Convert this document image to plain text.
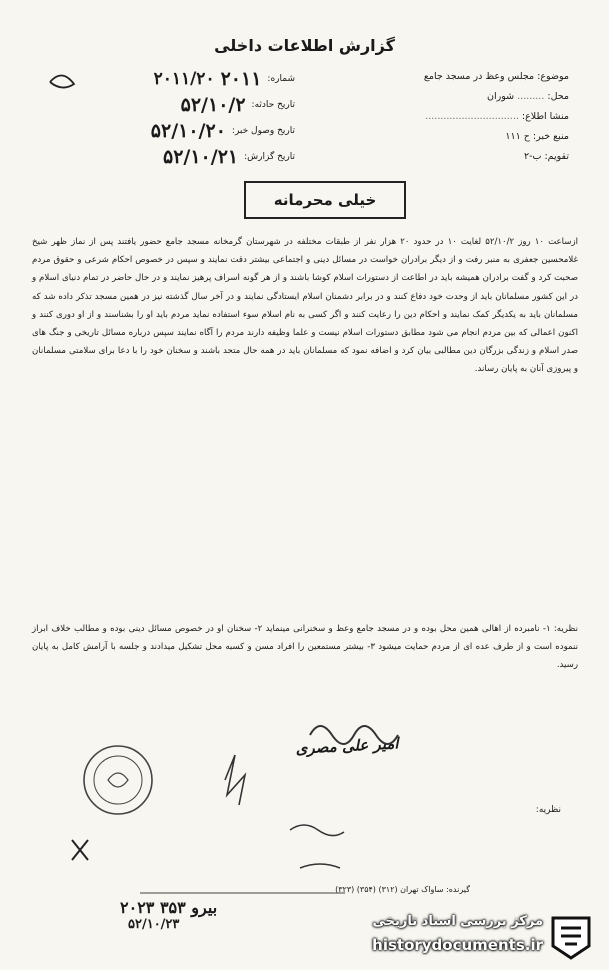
گزارش اطلاعات داخلی
شماره:
۲۰۱۱
۲۰۱۱/۲۰
تاریخ حادثه:
۵۲/۱۰/۲
تاریخ وصول خبر:
۵۲/۱۰/۲۰
تاریخ گزارش:
۵۲/۱۰/۲۱
موضوع: مجلس وعظ در مسجد جامع
محل: ......... شوران
منشأ اطلاع: ...............................
منبع خبر: ح ۱۱۱
تقویم: ب-۲
خیلی محرمانه

ازساعت ۱۰ روز ۵۲/۱۰/۲ لغایت ۱۰ در حدود ۲۰ هزار نفر از طبقات مختلفه در شهرستان گرمخانه مسجد جامع حضور یافتند پس از نماز ظهر شیخ غلامحسین جعفری به منبر رفت و از دیگر برادران خواست در مسائل دینی و اجتماعی بیشتر دقت نمایند و سپس در خصوص احکام شرعی و حقوق مردم صحبت کرد و گفت برادران همیشه باید در اطاعت از دستورات اسلام کوشا باشند و از هر گونه اسراف پرهیز نمایند و در حال حاضر در تمام دنیای اسلام و در این کشور مسلمانان باید از وحدت خود دفاع کنند و در برابر دشمنان اسلام ایستادگی نمایند و در آخر سال گذشته نیز در همین مسجد تذکر داده شد که مسلمانان باید به یکدیگر کمک نمایند و احکام دین را رعایت کنند و اگر کسی به نام اسلام سوء استفاده نماید مردم باید او را بشناسند و از او دوری کنند و اکنون اعمالی که بین مردم انجام می شود مطابق دستورات اسلام نیست و علما وظیفه دارند مردم را آگاه نمایند سپس درباره مسائل تاریخی و جنگ های صدر اسلام و زندگی بزرگان دین مطالبی بیان کرد و اضافه نمود که مسلمانان باید در همه حال متحد باشند و سخنان خود را با دعا برای سلامتی مسلمانان و پیروزی آنان به پایان رساند.

نظریه: ۱- نامبرده از اهالی همین محل بوده و در مسجد جامع وعظ و سخنرانی مینماید ۲- سخنان او در خصوص مسائل دینی بوده و مطالب خلاف ابراز ننموده است و از طرف عده ای از مردم حمایت میشود ۳- بیشتر مستمعین را افراد مسن و کسبه محل تشکیل میدادند و جلسه با آرامش کامل به پایان رسید.

امیر علی مصری
نظریه:
گیرنده: ساواک تهران (۳۱۲) (۳۵۴) (۳۲۳)
۲۰۲۳ بیرو ۳۵۳
۵۲/۱۰/۲۳	مرکز بررسی اسناد تاریخی
historydocuments.ir
